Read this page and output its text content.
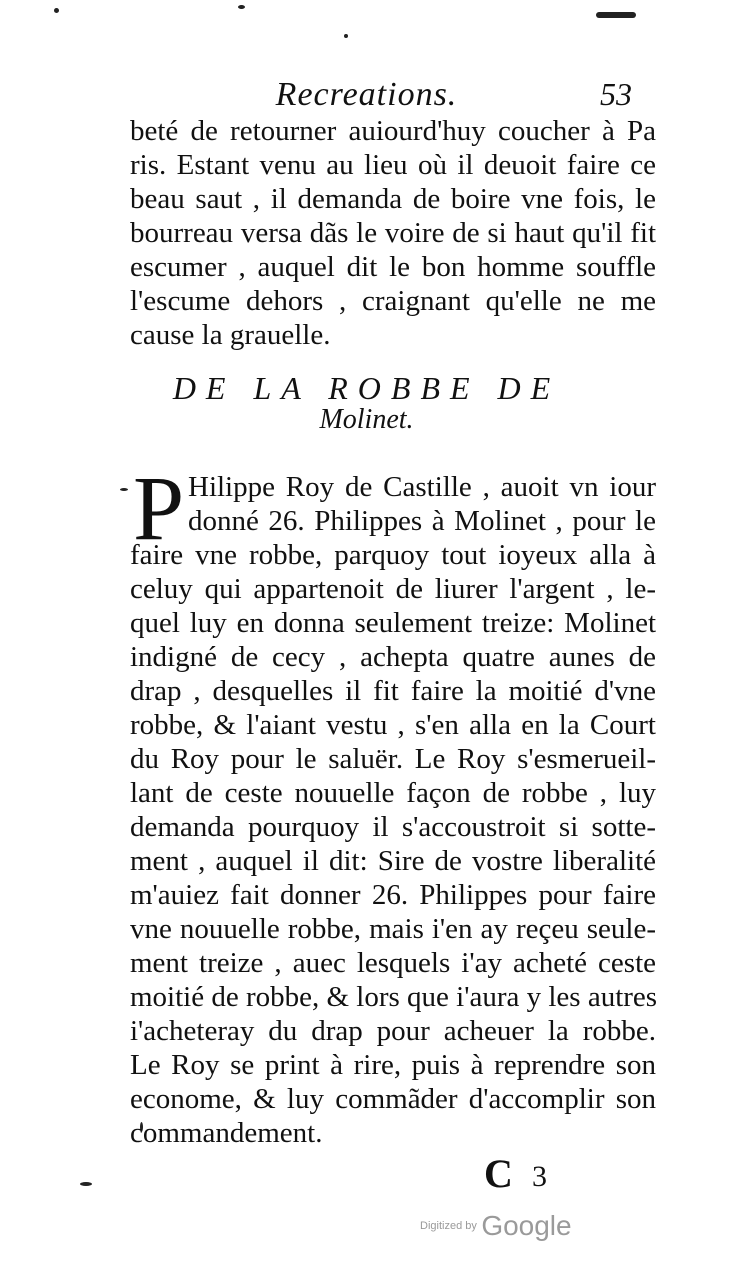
Recreations.	53
beté de retourner auiourd'huy coucher à Pa
ris. Estant venu au lieu où il deuoit faire ce
beau saut , il demanda de boire vne fois, le
bourreau versa dãs le voire de si haut qu'il fit
escumer , auquel dit le bon homme souffle
l'escume dehors , craignant qu'elle ne me
cause la grauelle.
DE LA ROBBE DE
Molinet.
P Hilippe Roy de Castille , auoit vn iour
donné 26. Philippes à Molinet , pour le
faire vne robbe, parquoy tout ioyeux alla à
celuy qui appartenoit de liurer l'argent , le-
quel luy en donna seulement treize: Molinet
indigné de cecy , achepta quatre aunes de
drap , desquelles il fit faire la moitié d'vne
robbe, & l'aiant vestu , s'en alla en la Court
du Roy pour le saluër. Le Roy s'esmerueil-
lant de ceste nouuelle façon de robbe , luy
demanda pourquoy il s'accoustroit si sotte-
ment , auquel il dit: Sire de vostre liberalité
m'auiez fait donner 26. Philippes pour faire
vne nouuelle robbe, mais i'en ay reçeu seule-
ment treize , auec lesquels i'ay acheté ceste
moitié de robbe, & lors que i'aura y les autres
i'acheteray du drap pour acheuer la robbe.
Le Roy se print à rire, puis à reprendre son
econome, & luy commãder d'accomplir son
commandement.
C 3
Digitized by Google
